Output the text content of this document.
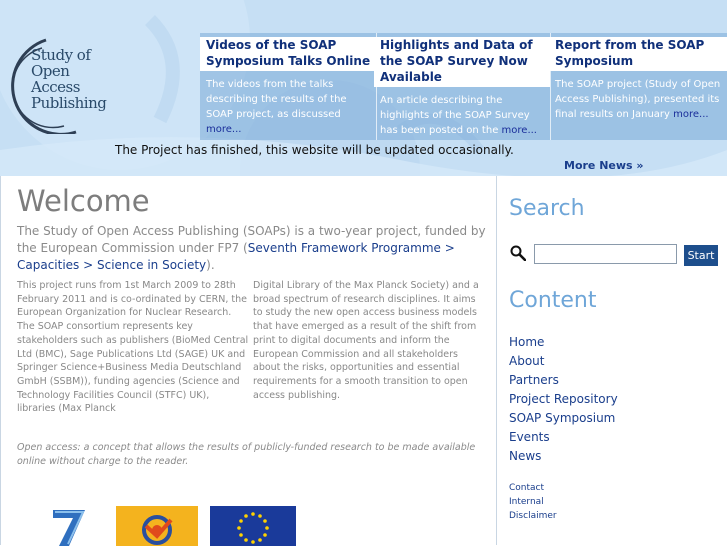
Study of
Open
Access
Publishing
Videos of the SOAP Symposium Talks Online
The videos from the talks describing the results of the SOAP project, as discussed more...
Highlights and Data of the SOAP Survey Now Available
An article describing the highlights of the SOAP Survey has been posted on the more...
Report from the SOAP Symposium
The SOAP project (Study of Open Access Publishing), presented its final results on January more...
The Project has finished, this website will be updated occasionally.
More News »
Welcome

The Study of Open Access Publishing (SOAPs) is a two-year project, funded by the European Commission under FP7 (Seventh Framework Programme > Capacities > Science in Society).

This project runs from 1st March 2009 to 28th February 2011 and is co-ordinated by CERN, the European Organization for Nuclear Research. The SOAP consortium represents key stakeholders such as publishers (BioMed Central Ltd (BMC), Sage Publications Ltd (SAGE) UK and Springer Science+Business Media Deutschland GmbH (SSBM)), funding agencies (Science and Technology Facilities Council (STFC) UK), libraries (Max Planck

Digital Library of the Max Planck Society) and a broad spectrum of research disciplines. It aims to study the new open access business models that have emerged as a result of the shift from print to digital documents and inform the European Commission and all stakeholders about the risks, opportunities and essential requirements for a smooth transition to open access publishing.

Open access: a concept that allows the results of publicly-funded research to be made available online without charge to the reader.

Search
Start
Content
Home
About
Partners
Project Repository
SOAP Symposium
Events
News
Contact
Internal
Disclaimer
